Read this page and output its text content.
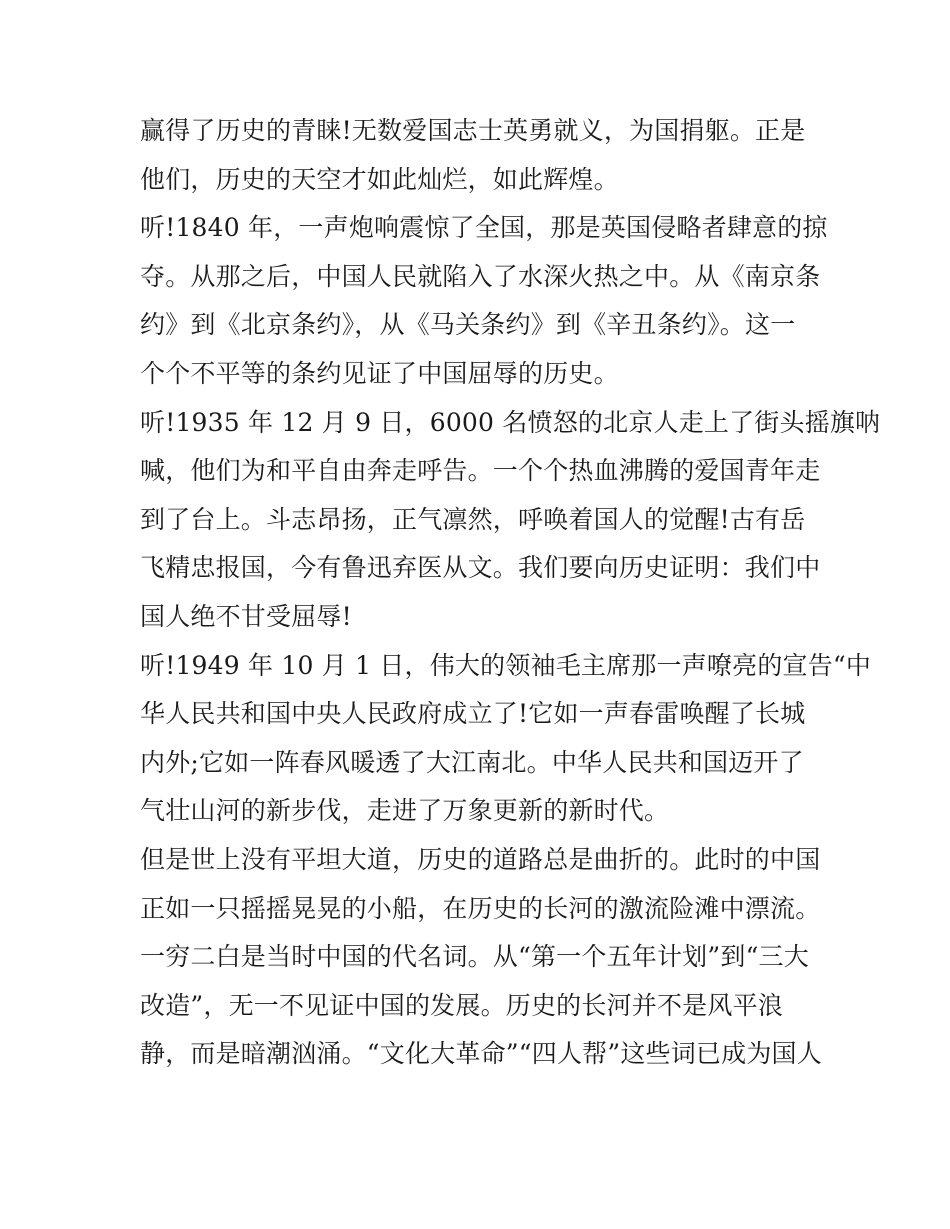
赢得了历史的青睐!无数爱国志士英勇就义，为国捐躯。正是
他们，历史的天空才如此灿烂，如此辉煌。
听!1840 年，一声炮响震惊了全国，那是英国侵略者肆意的掠
夺。从那之后，中国人民就陷入了水深火热之中。从《南京条
约》到《北京条约》，从《马关条约》到《辛丑条约》。这一
个个不平等的条约见证了中国屈辱的历史。
听!1935 年 12 月 9 日，6000 名愤怒的北京人走上了街头摇旗呐
喊，他们为和平自由奔走呼告。一个个热血沸腾的爱国青年走
到了台上。斗志昂扬，正气凛然，呼唤着国人的觉醒!古有岳
飞精忠报国，今有鲁迅弃医从文。我们要向历史证明：我们中
国人绝不甘受屈辱!
听!1949 年 10 月 1 日，伟大的领袖毛主席那一声嘹亮的宣告“中
华人民共和国中央人民政府成立了!它如一声春雷唤醒了长城
内外;它如一阵春风暖透了大江南北。中华人民共和国迈开了
气壮山河的新步伐，走进了万象更新的新时代。
但是世上没有平坦大道，历史的道路总是曲折的。此时的中国
正如一只摇摇晃晃的小船，在历史的长河的激流险滩中漂流。
一穷二白是当时中国的代名词。从“第一个五年计划”到“三大
改造”，无一不见证中国的发展。历史的长河并不是风平浪
静，而是暗潮汹涌。“文化大革命”“四人帮”这些词已成为国人
